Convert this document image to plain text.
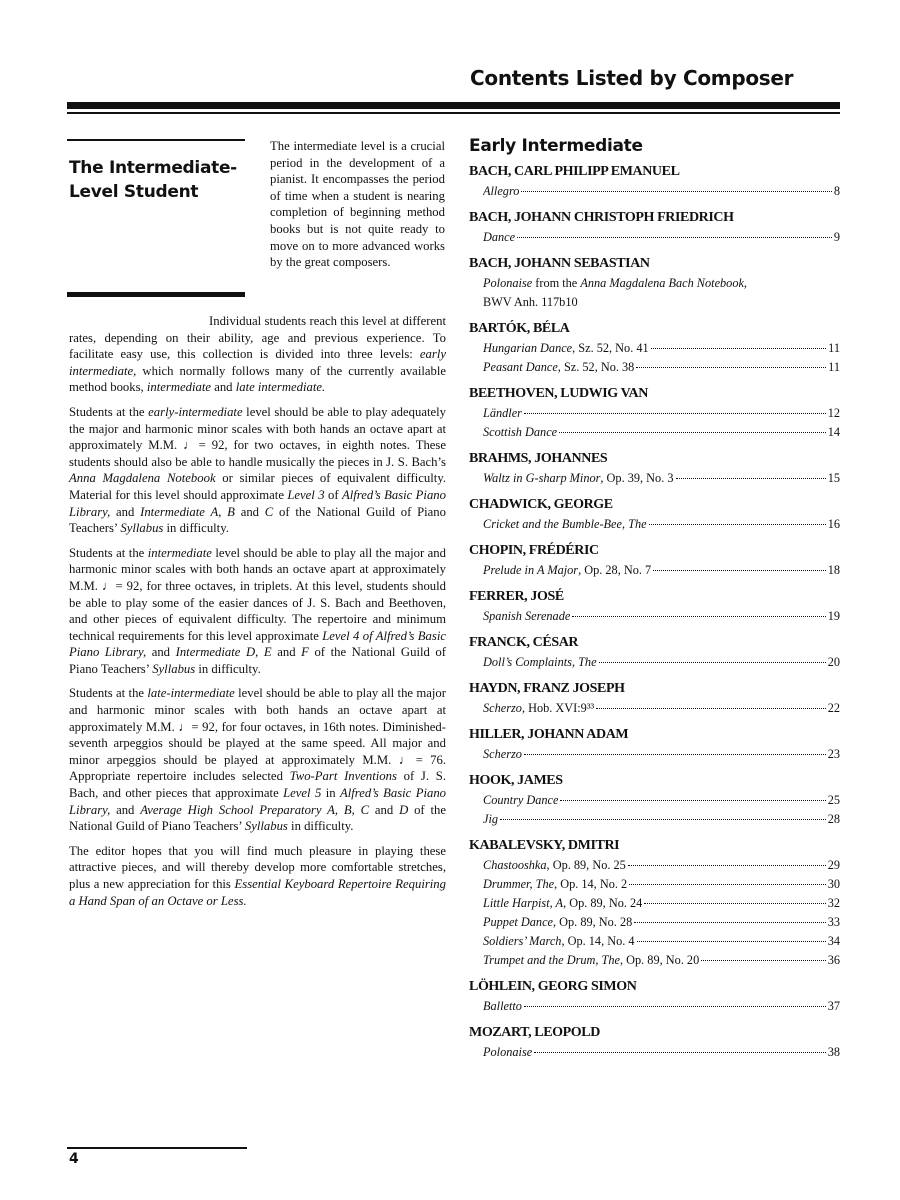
Contents Listed by Composer
The Intermediate-Level Student
The intermediate level is a crucial period in the development of a pianist. It encompasses the period of time when a student is nearing completion of beginning method books but is not quite ready to move on to more advanced works by the great composers.

Individual students reach this level at different rates, depending on their ability, age and previous experience. To facilitate easy use, this collection is divided into three levels: early intermediate, which normally follows many of the currently available method books, intermediate and late intermediate.

Students at the early-intermediate level should be able to play adequately the major and harmonic minor scales with both hands an octave apart at approximately M.M. ♩= 92, for two octaves, in eighth notes. These students should also be able to handle musically the pieces in J. S. Bach’s Anna Magdalena Notebook or similar pieces of equivalent difficulty. Material for this level should approximate Level 3 of Alfred’s Basic Piano Library, and Intermediate A, B and C of the National Guild of Piano Teachers’ Syllabus in difficulty.

Students at the intermediate level should be able to play all the major and harmonic minor scales with both hands an octave apart at approximately M.M. ♩= 92, for three octaves, in triplets. At this level, students should be able to play some of the easier dances of J. S. Bach and Beethoven, and other pieces of equivalent difficulty. The repertoire and minimum technical requirements for this level approximate Level 4 of Alfred’s Basic Piano Library, and Intermediate D, E and F of the National Guild of Piano Teachers’ Syllabus in difficulty.

Students at the late-intermediate level should be able to play all the major and harmonic minor scales with both hands an octave apart at approximately M.M. ♩= 92, for four octaves, in 16th notes. Diminished-seventh arpeggios should be played at the same speed. All major and minor arpeggios should be played at approximately M.M. ♩= 76. Appropriate repertoire includes selected Two-Part Inventions of J. S. Bach, and other pieces that approximate Level 5 in Alfred’s Basic Piano Library, and Average High School Preparatory A, B, C and D of the National Guild of Piano Teachers’ Syllabus in difficulty.

The editor hopes that you will find much pleasure in playing these attractive pieces, and will thereby develop more comfortable stretches, plus a new appreciation for this Essential Keyboard Repertoire Requiring a Hand Span of an Octave or Less.

Early Intermediate
BACH, CARL PHILIPP EMANUEL
Allegro	8
BACH, JOHANN CHRISTOPH FRIEDRICH
Dance	9
BACH, JOHANN SEBASTIAN
Polonaise from the Anna Magdalena Bach Notebook,
BWV Anh. 117b 10
BARTÓK, BÉLA
Hungarian Dance, Sz. 52, No. 41	11
Peasant Dance, Sz. 52, No. 38	11
BEETHOVEN, LUDWIG VAN
Ländler	12
Scottish Dance	14
BRAHMS, JOHANNES
Waltz in G-sharp Minor, Op. 39, No. 3	15
CHADWICK, GEORGE
Cricket and the Bumble-Bee, The	16
CHOPIN, FRÉDÉRIC
Prelude in A Major, Op. 28, No. 7	18
FERRER, JOSÉ
Spanish Serenade	19
FRANCK, CÉSAR
Doll’s Complaints, The	20
HAYDN, FRANZ JOSEPH
Scherzo, Hob. XVI:9³³	22
HILLER, JOHANN ADAM
Scherzo	23
HOOK, JAMES
Country Dance	25
Jig	28
KABALEVSKY, DMITRI
Chastooshka, Op. 89, No. 25	29
Drummer, The, Op. 14, No. 2	30
Little Harpist, A, Op. 89, No. 24	32
Puppet Dance, Op. 89, No. 28	33
Soldiers’ March, Op. 14, No. 4	34
Trumpet and the Drum, The, Op. 89, No. 20	36
LÖHLEIN, GEORG SIMON
Balletto	37
MOZART, LEOPOLD
Polonaise	38
4
